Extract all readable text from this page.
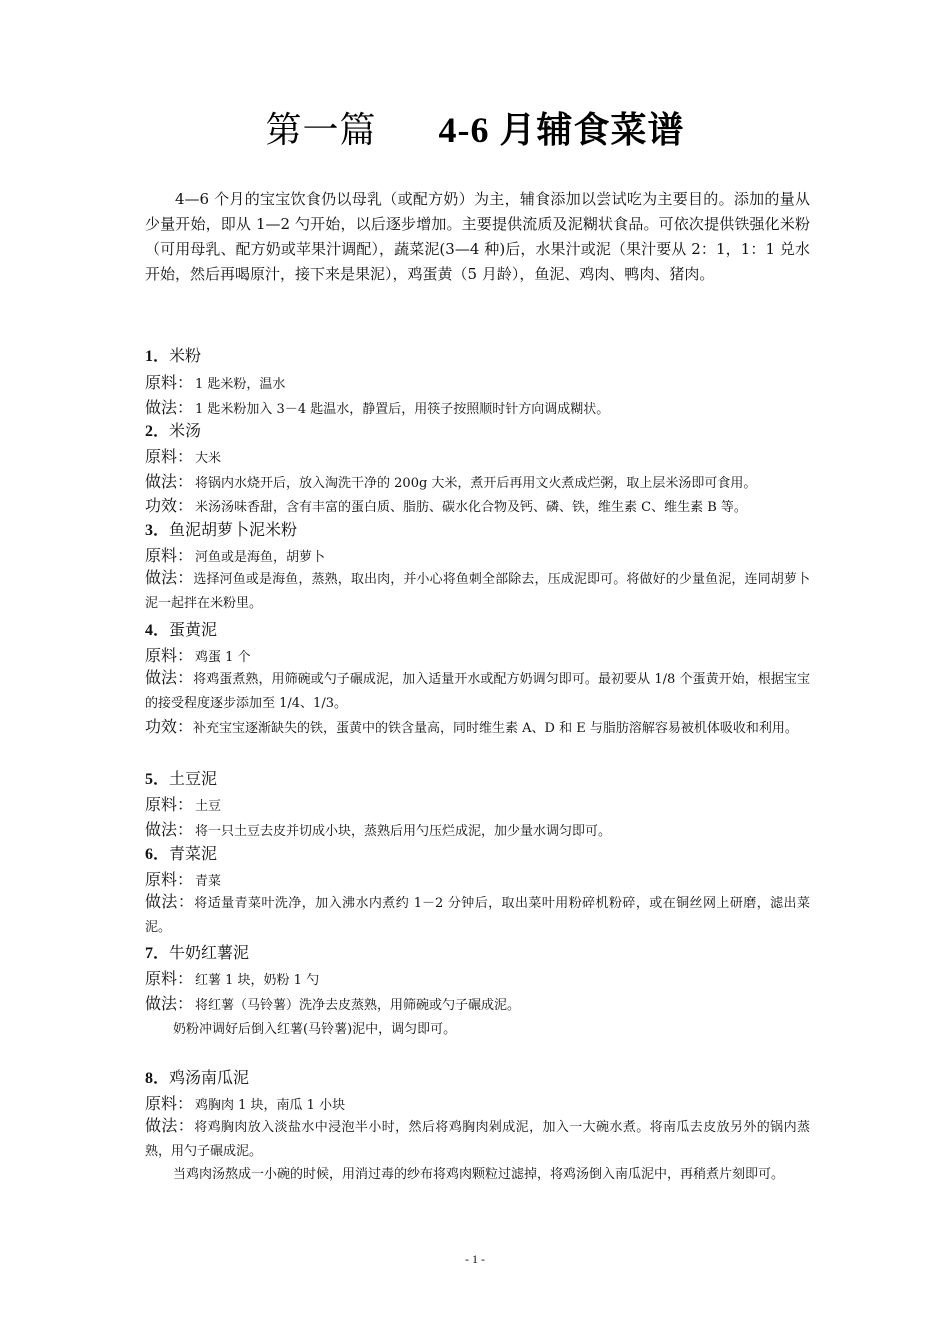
第一篇 4-6 月辅食菜谱
4—6 个月的宝宝饮食仍以母乳（或配方奶）为主，辅食添加以尝试吃为主要目的。添加的量从少量开始，即从 1—2 勺开始，以后逐步增加。主要提供流质及泥糊状食品。可依次提供铁强化米粉（可用母乳、配方奶或苹果汁调配），蔬菜泥(3—4 种)后，水果汁或泥（果汁要从 2：1，1：1 兑水开始，然后再喝原汁，接下来是果泥），鸡蛋黄（5 月龄），鱼泥、鸡肉、鸭肉、猪肉。
1．米粉
原料： 1 匙米粉，温水
做法： 1 匙米粉加入 3－4 匙温水，静置后，用筷子按照顺时针方向调成糊状。
2．米汤
原料： 大米
做法： 将锅内水烧开后，放入淘洗干净的 200g 大米，煮开后再用文火煮成烂粥，取上层米汤即可食用。
功效： 米汤汤味香甜，含有丰富的蛋白质、脂肪、碳水化合物及钙、磷、铁，维生素 C、维生素 B 等。
3．鱼泥胡萝卜泥米粉
原料： 河鱼或是海鱼，胡萝卜
做法：选择河鱼或是海鱼，蒸熟，取出肉，并小心将鱼刺全部除去，压成泥即可。将做好的少量鱼泥，连同胡萝卜泥一起拌在米粉里。
4．蛋黄泥
原料： 鸡蛋 1 个
做法：将鸡蛋煮熟，用筛碗或勺子碾成泥，加入适量开水或配方奶调匀即可。最初要从 1/8 个蛋黄开始，根据宝宝的接受程度逐步添加至 1/4、1/3。
功效：补充宝宝逐渐缺失的铁，蛋黄中的铁含量高，同时维生素 A、D 和 E 与脂肪溶解容易被机体吸收和利用。
5．土豆泥
原料： 土豆
做法： 将一只土豆去皮并切成小块，蒸熟后用勺压烂成泥，加少量水调匀即可。
6．青菜泥
原料： 青菜
做法：将适量青菜叶洗净，加入沸水内煮约 1－2 分钟后，取出菜叶用粉碎机粉碎，或在铜丝网上研磨，滤出菜泥。
7．牛奶红薯泥
原料： 红薯 1 块，奶粉 1 勺
做法： 将红薯（马铃薯）洗净去皮蒸熟，用筛碗或勺子碾成泥。
奶粉冲调好后倒入红薯(马铃薯)泥中，调匀即可。
8．鸡汤南瓜泥
原料： 鸡胸肉 1 块，南瓜 1 小块
做法：将鸡胸肉放入淡盐水中浸泡半小时，然后将鸡胸肉剁成泥，加入一大碗水煮。将南瓜去皮放另外的锅内蒸熟，用勺子碾成泥。
当鸡肉汤熬成一小碗的时候，用消过毒的纱布将鸡肉颗粒过滤掉，将鸡汤倒入南瓜泥中，再稍煮片刻即可。
- 1 -
